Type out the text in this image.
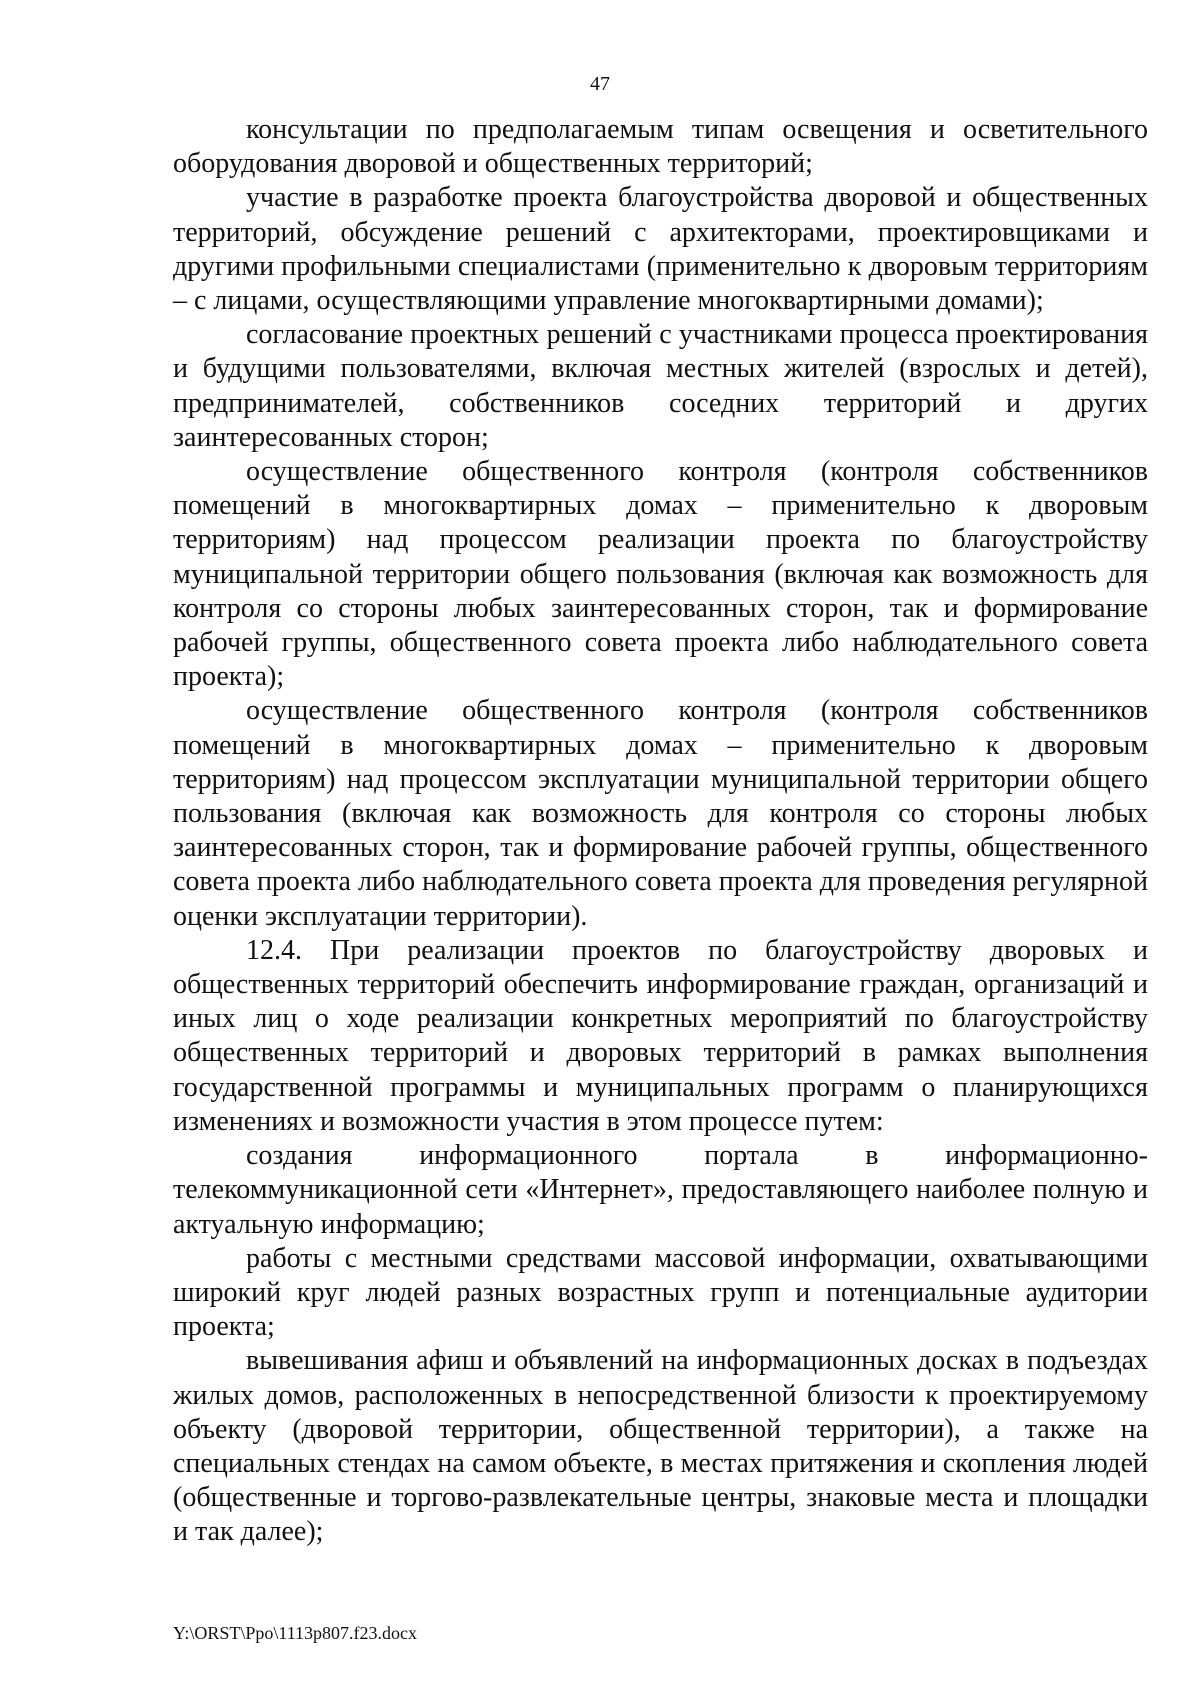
47

консультации по предполагаемым типам освещения и осветительного оборудования дворовой и общественных территорий;

участие в разработке проекта благоустройства дворовой и общественных территорий, обсуждение решений с архитекторами, проектировщиками и другими профильными специалистами (применительно к дворовым территориям – с лицами, осуществляющими управление многоквартирными домами);

согласование проектных решений с участниками процесса проектирования и будущими пользователями, включая местных жителей (взрослых и детей), предпринимателей, собственников соседних территорий и других заинтересованных сторон;

осуществление общественного контроля (контроля собственников помещений в многоквартирных домах – применительно к дворовым территориям) над процессом реализации проекта по благоустройству муниципальной территории общего пользования (включая как возможность для контроля со стороны любых заинтересованных сторон, так и формирование рабочей группы, общественного совета проекта либо наблюдательного совета проекта);

осуществление общественного контроля (контроля собственников помещений в многоквартирных домах – применительно к дворовым территориям) над процессом эксплуатации муниципальной территории общего пользования (включая как возможность для контроля со стороны любых заинтересованных сторон, так и формирование рабочей группы, общественного совета проекта либо наблюдательного совета проекта для проведения регулярной оценки эксплуатации территории).

12.4. При реализации проектов по благоустройству дворовых и общественных территорий обеспечить информирование граждан, организаций и иных лиц о ходе реализации конкретных мероприятий по благоустройству общественных территорий и дворовых территорий в рамках выполнения государственной программы и муниципальных программ о планирующихся изменениях и возможности участия в этом процессе путем:

создания информационного портала в информационно-телекоммуникационной сети «Интернет», предоставляющего наиболее полную и актуальную информацию;

работы с местными средствами массовой информации, охватывающими широкий круг людей разных возрастных групп и потенциальные аудитории проекта;

вывешивания афиш и объявлений на информационных досках в подъездах жилых домов, расположенных в непосредственной близости к проектируемому объекту (дворовой территории, общественной территории), а также на специальных стендах на самом объекте, в местах притяжения и скопления людей (общественные и торгово-развлекательные центры, знаковые места и площадки и так далее);

Y:\ORST\Ppo\1113p807.f23.docx
